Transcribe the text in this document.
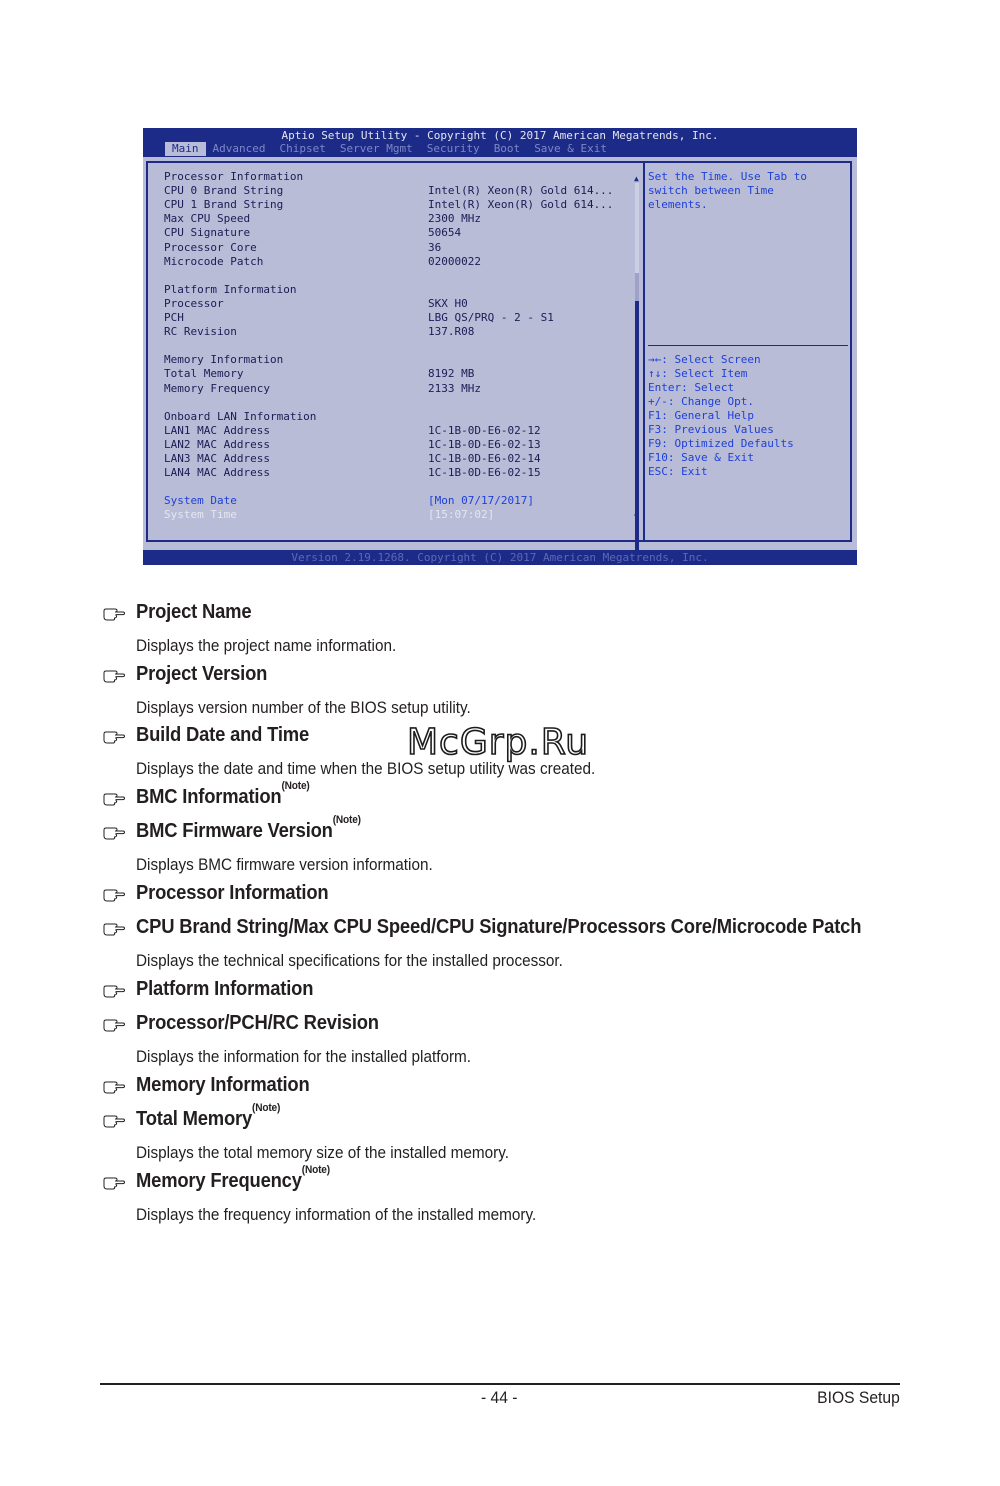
Aptio Setup Utility - Copyright (C) 2017 American Megatrends, Inc.
Main	Advanced	Chipset	Server Mgmt	Security	Boot	Save & Exit
Processor Information
CPU 0 Brand String	Intel(R) Xeon(R) Gold 614...
CPU 1 Brand String	Intel(R) Xeon(R) Gold 614...
Max CPU Speed	2300 MHz
CPU Signature	50654
Processor Core	36
Microcode Patch	02000022
Platform Information
Processor	SKX H0
PCH	LBG QS/PRQ - 2 - S1
RC Revision	137.R08
Memory Information
Total Memory	8192 MB
Memory Frequency	2133 MHz
Onboard LAN Information
LAN1 MAC Address	1C-1B-0D-E6-02-12
LAN2 MAC Address	1C-1B-0D-E6-02-13
LAN3 MAC Address	1C-1B-0D-E6-02-14
LAN4 MAC Address	1C-1B-0D-E6-02-15
System Date	[Mon 07/17/2017]
System Time	[15:07:02]
▲
▼
Set the Time. Use Tab to
switch between Time
elements.
→←: Select Screen
↑↓: Select Item
Enter: Select
+/-: Change Opt.
F1: General Help
F3: Previous Values
F9: Optimized Defaults
F10: Save & Exit
ESC: Exit
Version 2.19.1268. Copyright (C) 2017 American Megatrends, Inc.
Project Name
Displays the project name information.
Project Version
Displays version number of the BIOS setup utility.
Build Date and Time
Displays the date and time when the BIOS setup utility was created.
BMC Information$^{(Note)}$
BMC Firmware Version$^{(Note)}$
Displays BMC firmware version information.
Processor Information
CPU Brand String/Max CPU Speed/CPU Signature/Processors Core/Microcode Patch
Displays the technical specifications for the installed processor.
Platform Information
Processor/PCH/RC Revision
Displays the information for the installed platform.
Memory Information
Total Memory$^{(Note)}$
Displays the total memory size of the installed memory.
Memory Frequency$^{(Note)}$
Displays the frequency information of the installed memory.
McGrp.Ru
- 44 -	BIOS Setup
